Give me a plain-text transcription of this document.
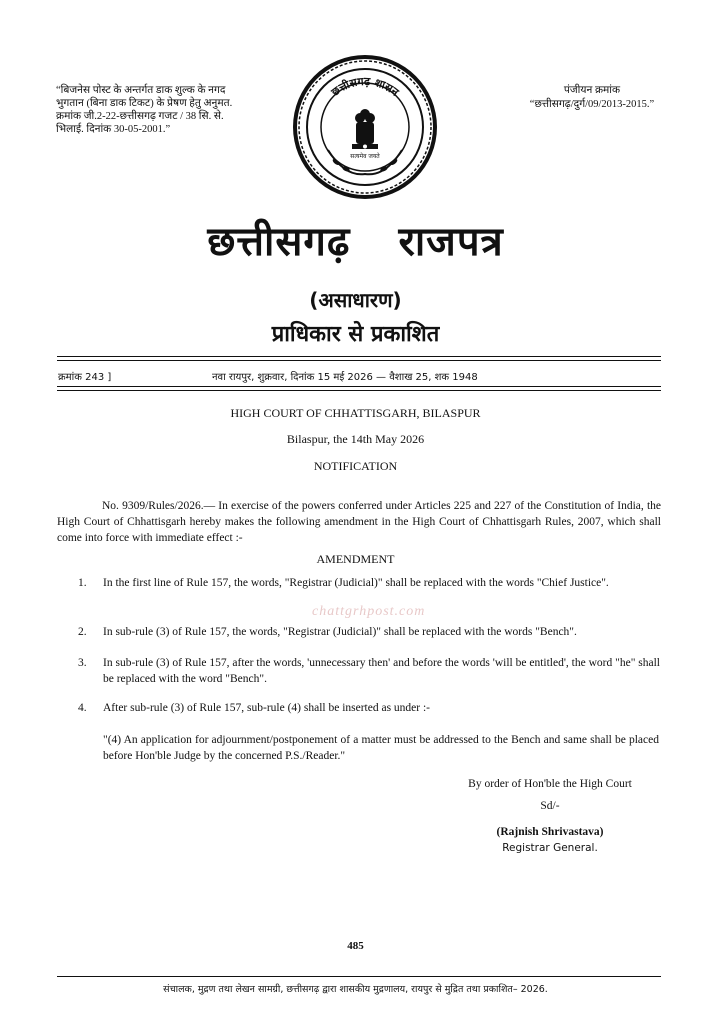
“बिजनेस पोस्ट के अन्तर्गत डाक शुल्क के नगद भुगतान (बिना डाक टिकट) के प्रेषण हेतु अनुमत. क्रमांक जी.2-22-छत्तीसगढ़ गजट / 38 सि. से. भिलाई. दिनांक 30-05-2001.”
पंजीयन क्रमांक
“छत्तीसगढ़/दुर्ग/09/2013-2015.”
छत्तीसगढ़ शासन
सत्यमेव जयते
छत्तीसगढ़ राजपत्र
(असाधारण)
प्राधिकार से प्रकाशित
क्रमांक 243 ]	नवा रायपुर, शुक्रवार, दिनांक 15 मई 2026 — वैशाख 25, शक 1948
HIGH COURT OF CHHATTISGARH, BILASPUR
Bilaspur, the 14th May 2026
NOTIFICATION
No. 9309/Rules/2026.— In exercise of the powers conferred under Articles 225 and 227 of the Constitution of India, the High Court of Chhattisgarh hereby makes the following amendment in the High Court of Chhattisgarh Rules, 2007, which shall come into force with immediate effect :-
AMENDMENT
chattgrhpost.com
1.	In the first line of Rule 157, the words, "Registrar (Judicial)" shall be replaced with the words "Chief Justice".
2.	In sub-rule (3) of Rule 157, the words, "Registrar (Judicial)" shall be replaced with the words "Bench".
3.	In sub-rule (3) of Rule 157, after the words, 'unnecessary then' and before the words 'will be entitled', the word "he" shall be replaced with the word "Bench".
4.	After sub-rule (3) of Rule 157, sub-rule (4) shall be inserted as under :-
"(4) An application for adjournment/postponement of a matter must be addressed to the Bench and same shall be placed before Hon'ble Judge by the concerned P.S./Reader."
By order of Hon'ble the High Court
Sd/-
(Rajnish Shrivastava)
Registrar General.
485
संचालक, मुद्रण तथा लेखन सामग्री, छत्तीसगढ़ द्वारा शासकीय मुद्रणालय, रायपुर से मुद्रित तथा प्रकाशित– 2026.
